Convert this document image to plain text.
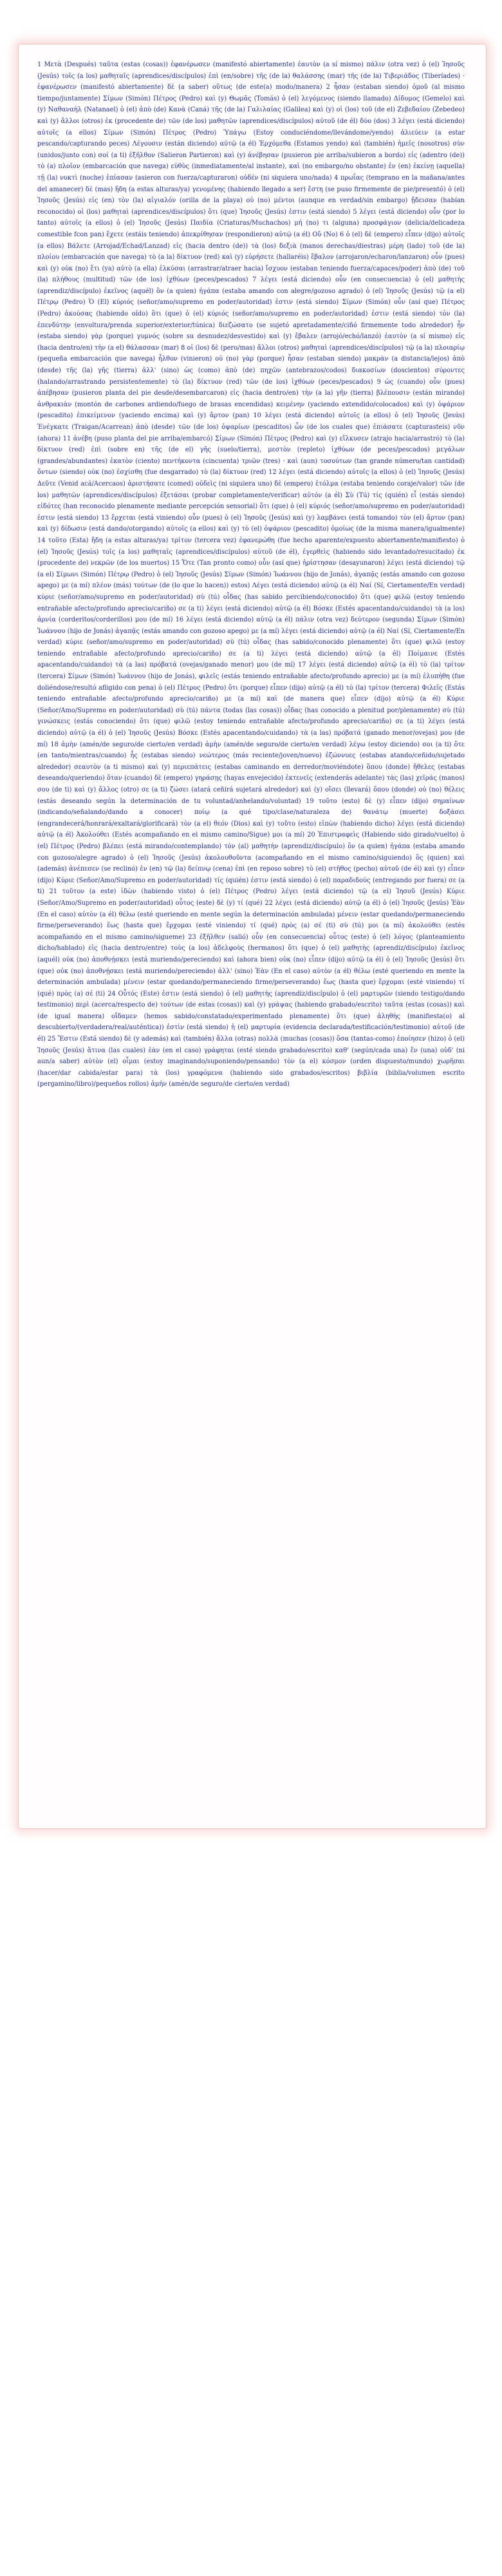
1 Μετὰ (Después) ταῦτα (estas (cosas)) ἐφανέρωσεν (manifestó abiertamente) ἑαυτὸν (a sí mismo) πάλιν (otra vez) ὁ (el) Ἰησοῦς (Jesús) τοῖς (a los) μαθηταῖς (aprendices/discípulos) ἐπὶ (en/sobre) τῆς (de la) θαλάσσης (mar) τῆς (de la) Τιβεριάδος (Tiberíades) · ἐφανέρωσεν (manifestó abiertamente) δὲ (a saber) οὕτως (de este(a) modo/manera) 2 ἦσαν (estaban siendo) ὁμοῦ (al mismo tiempo/juntamente) Σίμων (Simón) Πέτρος (Pedro) καὶ (y) Θωμᾶς (Tomás) ὁ (el) λεγόμενος (siendo llamado) Δίδυμος (Gemelo) καὶ (y) Ναθαναὴλ (Natanael) ὁ (el) ἀπὸ (de) Κανὰ (Caná) τῆς (de la) Γαλιλαίας (Galilea) καὶ (y) οἱ (los) τοῦ (de el) Ζεβεδαίου (Zebedeo) καὶ (y) ἄλλοι (otros) ἐκ (procedente de) τῶν (de los) μαθητῶν (aprendices/discípulos) αὐτοῦ (de él) δύο (dos) 3 λέγει (está diciendo) αὐτοῖς (a ellos) Σίμων (Simón) Πέτρος (Pedro) Ὑπάγω (Estoy conduciéndome/llevándome/yendo) ἁλιεύειν (a estar pescando/capturando peces) Λέγουσιν (están diciendo) αὐτῷ (a él) Ἐρχόμεθα (Estamos yendo) καὶ (también) ἡμεῖς (nosotros) σὺν (unidos/junto con) σοί (a ti) ἐξῆλθον (Salieron Partieron) καὶ (y) ἀνέβησαν (pusieron pie arriba/subieron a bordo) εἰς (adentro (de)) τὸ (a) πλοῖον (embarcación que navega) εὐθὺς (inmediatamente/al instante), καὶ (no embargo/no obstante) ἐν (en) ἐκείνῃ (aquella) τῇ (la) νυκτὶ (noche) ἐπίασαν (asieron con fuerza/capturaron) οὐδέν (ni siquiera uno/nada) 4 πρωΐας (temprano en la mañana/antes del amanecer) δὲ (mas) ἤδη (a estas alturas/ya) γενομένης (habiendo llegado a ser) ἔστη (se puso firmemente de pie/presentó) ὁ (el) Ἰησοῦς (Jesús) εἰς (en) τὸν (la) αἰγιαλόν (orilla de la playa) οὐ (no) μέντοι (aunque en verdad/sin embargo) ᾔδεισαν (habían reconocido) οἱ (los) μαθηταὶ (aprendices/discípulos) ὅτι (que) Ἰησοῦς (Jesús) ἐστιν (está siendo) 5 λέγει (está diciendo) οὖν (por lo tanto) αὐτοῖς (a ellos) ὁ (el) Ἰησοῦς (Jesús) Παιδία (Criaturas/Muchachos) μή (no) τι (alguna) προσφάγιον (delicia/delicadeza comestible fcon pan) ἔχετε (estáis teniendo) ἀπεκρίθησαν (respondieron) αὐτῷ (a él) Οὔ (No) 6 ὁ (el) δὲ (empero) εἶπεν (dijo) αὐτοῖς (a ellos) Βάλετε (Arrojad/Echad/Lanzad) εἰς (hacia dentro (de)) τὰ (los) δεξιὰ (manos derechas/diestras) μέρη (lado) τοῦ (de la) πλοίου (embarcación que navega) τὸ (a la) δίκτυον (red) καὶ (y) εὑρήσετε (hallaréis) ἔβαλον (arrojaron/echaron/lanzaron) οὖν (pues) καὶ (y) οὐκ (no) ἔτι (ya) αὐτὸ (a ella) ἑλκύσαι (arrastrar/atraer hacia) ἴσχυον (estaban teniendo fuerza/capaces/poder) ἀπὸ (de) τοῦ (la) πλήθους (multitud) τῶν (de los) ἰχθύων (peces/pescados) 7 λέγει (está diciendo) οὖν (en consecuencia) ὁ (el) μαθητὴς (aprendiz/discípulo) ἐκεῖνος (aquél) ὃν (a quien) ἠγάπα (estaba amando con alegre/gozoso agrado) ὁ (el) Ἰησοῦς (Jesús) τῷ (a el) Πέτρῳ (Pedro) Ὁ (El) κύριός (señor/amo/supremo en poder/autoridad) ἐστιν (está siendo) Σίμων (Simón) οὖν (así que) Πέτρος (Pedro) ἀκούσας (habiendo oído) ὅτι (que) ὁ (el) κύριός (señor/amo/supremo en poder/autoridad) ἐστιν (está siendo) τὸν (la) ἐπενδύτην (envoltura/prenda superior/exterior/túnica) διεζώσατο (se sujetó apretadamente/ciñó firmemente todo alrededor) ἦν (estaba siendo) γὰρ (porque) γυμνός (sobre su desnudez/desvestido) καὶ (y) ἔβαλεν (arrojó/echó/lanzó) ἑαυτὸν (a sí mismo) εἰς (hacia dentro/en) τὴν (a el) θάλασσαν (mar) 8 οἱ (los) δὲ (pero/mas) ἄλλοι (otros) μαθηταὶ (aprendices/discípulos) τῷ (a la) πλοιαρίῳ (pequeña embarcación que navega) ἦλθον (vinieron) οὐ (no) γὰρ (porque) ἦσαν (estaban siendo) μακρὰν (a distancia/lejos) ἀπὸ (desde) τῆς (la) γῆς (tierra) ἀλλ' (sino) ὡς (como) ἀπὸ (de) πηχῶν (antebrazos/codos) διακοσίων (doscientos) σύροντες (halando/arrastrando persistentemente) τὸ (la) δίκτυον (red) τῶν (de los) ἰχθύων (peces/pescados) 9 ὡς (cuando) οὖν (pues) ἀπέβησαν (pusieron planta del pie desde/desembarcaron) εἰς (hacia dentro/en) τὴν (a la) γῆν (tierra) βλέπουσιν (están mirando) ἀνθρακιὰν (montón de carbones ardiendo/fuego de brasas encendidas) κειμένην (yaciendo extendido/colocados) καὶ (y) ὀψάριον (pescadito) ἐπικείμενον (yaciendo encima) καὶ (y) ἄρτον (pan) 10 λέγει (está diciendo) αὐτοῖς (a ellos) ὁ (el) Ἰησοῦς (Jesús) Ἐνέγκατε (Traigan/Acarrean) ἀπὸ (desde) τῶν (de los) ὀψαρίων (pescaditos) ὧν (de los cuales que) ἐπιάσατε (capturasteis) νῦν (ahora) 11 ἀνέβη (puso planta del pie arriba/embarcó) Σίμων (Simón) Πέτρος (Pedro) καὶ (y) εἵλκυσεν (atrajo hacia/arrastró) τὸ (la) δίκτυον (red) ἐπὶ (sobre en) τῆς (de el) γῆς (suelo/tierra), μεστὸν (repleto) ἰχθύων (de peces/pescados) μεγάλων (grandes/abundantes) ἑκατὸν (ciento) πεντήκοντα (cincuenta) τριῶν (tres) · καὶ (aun) τοσούτων (tan grande número/tan cantidad) ὄντων (siendo) οὐκ (no) ἐσχίσθη (fue desgarrado) τὸ (la) δίκτυον (red) 12 λέγει (está diciendo) αὐτοῖς (a ellos) ὁ (el) Ἰησοῦς (Jesús) Δεῦτε (Venid acá/Acercaos) ἀριστήσατε (comed) οὐδεὶς (ni siquiera uno) δὲ (empero) ἐτόλμα (estaba teniendo coraje/valor) τῶν (de los) μαθητῶν (aprendices/discípulos) ἐξετάσαι (probar completamente/verificar) αὐτόν (a él) Σὺ (Tú) τίς (quién) εἶ (estás siendo) εἰδότες (han reconocido plenamente mediante percepción sensorial) ὅτι (que) ὁ (el) κύριός (señor/amo/supremo en poder/autoridad) ἐστιν (está siendo) 13 ἔρχεται (está viniendo) οὖν (pues) ὁ (el) Ἰησοῦς (Jesús) καὶ (y) λαμβάνει (está tomando) τὸν (el) ἄρτον (pan) καὶ (y) δίδωσιν (está dando/otorgando) αὐτοῖς (a ellos) καὶ (y) τὸ (el) ὀψάριον (pescadito) ὁμοίως (de la misma manera/igualmente) 14 τοῦτο (Esta) ἤδη (a estas alturas/ya) τρίτον (tercera vez) ἐφανερώθη (fue hecho aparente/expuesto abiertamente/manifiesto) ὁ (el) Ἰησοῦς (Jesús) τοῖς (a los) μαθηταῖς (aprendices/discípulos) αὐτοῦ (de él), ἐγερθεὶς (habiendo sido levantado/resucitado) ἐκ (procedente de) νεκρῶν (de los muertos) 15 Ὅτε (Tan pronto como) οὖν (así que) ἠρίστησαν (desayunaron) λέγει (está diciendo) τῷ (a el) Σίμωνι (Simón) Πέτρῳ (Pedro) ὁ (el) Ἰησοῦς (Jesús) Σίμων (Simón) Ἰωάννου (hijo de Jonás), ἀγαπᾷς (estás amando con gozoso apego) με (a mí) πλέον (más) τούτων (de (lo que lo hacen)) estos) Λέγει (está diciendo) αὐτῷ (a él) Ναί (Sí, Ciertamente/En verdad) κύριε (señor/amo/supremo en poder/autoridad) σὺ (tú) οἶδας (has sabido percibiendo/conocido) ὅτι (que) φιλῶ (estoy teniendo entrañable afecto/profundo aprecio/cariño) σε (a ti) λέγει (está diciendo) αὐτῷ (a él) Βόσκε (Estés apacentando/cuidando) τὰ (a los) ἀρνία (corderitos/corderillos) μου (de mí) 16 λέγει (está diciendo) αὐτῷ (a él) πάλιν (otra vez) δεύτερον (segunda) Σίμων (Simón) Ἰωάννου (hijo de Jonás) ἀγαπᾷς (estás amando con gozoso apego) με (a mí) λέγει (está diciendo) αὐτῷ (a él) Ναί (Sí, Ciertamente/En verdad) κύριε (señor/amo/supremo en poder/autoridad) σὺ (tú) οἶδας (has sabido/conocido plenamente) ὅτι (que) φιλῶ (estoy teniendo entrañable afecto/profundo aprecio/cariño) σε (a ti) λέγει (está diciendo) αὐτῷ (a él) Ποίμαινε (Estés apacentando/cuidando) τὰ (a las) πρόβατά (ovejas/ganado menor) μου (de mí) 17 λέγει (está diciendo) αὐτῷ (a él) τὸ (la) τρίτον (tercera) Σίμων (Simón) Ἰωάννου (hijo de Jonás), φιλεῖς (estás teniendo entrañable afecto/profundo aprecio) με (a mí) ἐλυπήθη (fue doliéndose/resultó afligido con pena) ὁ (el) Πέτρος (Pedro) ὅτι (porque) εἶπεν (dijo) αὐτῷ (a él) τὸ (la) τρίτον (tercera) Φιλεῖς (Estás teniendo entrañable afecto/profundo aprecio/cariño) με (a mí) καὶ (de manera que) εἶπεν (dijo) αὐτῷ (a él) Κύριε (Señor/Amo/Supremo en poder/autoridad) σὺ (tú) πάντα (todas (las cosas)) οἶδας (has conocido a plenitud por/plenamente) σὺ (tú) γινώσκεις (estás conociendo) ὅτι (que) φιλῶ (estoy teniendo entrañable afecto/profundo aprecio/cariño) σε (a ti) λέγει (está diciendo) αὐτῷ (a él) ὁ (el) Ἰησοῦς (Jesús) Βόσκε (Estés apacentando/cuidando) τὰ (a las) πρόβατά (ganado menor/ovejas) μου (de mí) 18 ἀμὴν (amén/de seguro/de cierto/en verdad) ἀμὴν (amén/de seguro/de cierto/en verdad) λέγω (estoy diciendo) σοι (a ti) ὅτε (en tanto/mientras/cuando) ἦς (estabas siendo) νεώτερος (más reciente/joven/nuevo) ἐζώννυες (estabas atando/ceñido/sujetado alrededor) σεαυτὸν (a ti mismo) καὶ (y) περιεπάτεις (estabas caminando en derredor/moviéndote) ὅπου (donde) ἤθελες (estabas deseando/queriendo) ὅταν (cuando) δὲ (empero) γηράσῃς (hayas envejecido) ἐκτενεῖς (extenderás adelante) τὰς (las) χεῖράς (manos) σου (de ti) καὶ (y) ἄλλος (otro) σε (a ti) ζώσει (atará ceñirá sujetará alrededor) καὶ (y) οἴσει (llevará) ὅπου (donde) οὐ (no) θέλεις (estás deseando según la determinación de tu voluntad/anhelando/voluntad) 19 τοῦτο (esto) δὲ (y) εἶπεν (dijo) σημαίνων (indicando/señalando/dando a conocer) ποίῳ (a qué tipo/clase/naturaleza de) θανάτῳ (muerte) δοξάσει (engrandecerá/honrará/exaltará/glorificará) τὸν (a el) θεόν (Dios) καὶ (y) τοῦτο (esto) εἰπὼν (habiendo dicho) λέγει (está diciendo) αὐτῷ (a él) Ἀκολούθει (Estés acompañando en el mismo camino/Sigue) μοι (a mí) 20 Ἐπιστραφεὶς (Habiendo sido girado/vuelto) ὁ (el) Πέτρος (Pedro) βλέπει (está mirando/contemplando) τὸν (al) μαθητὴν (aprendiz/discípulo) ὃν (a quien) ἠγάπα (estaba amando con gozoso/alegre agrado) ὁ (el) Ἰησοῦς (Jesús) ἀκολουθοῦντα (acompañando en el mismo camino/siguiendo) ὃς (quien) καὶ (además) ἀνέπεσεν (se reclinó) ἐν (en) τῷ (la) δείπνῳ (cena) ἐπὶ (en reposo sobre) τὸ (el) στῆθος (pecho) αὐτοῦ (de él) καὶ (y) εἶπεν (dijo) Κύριε (Señor/Amo/Supremo en poder/autoridad) τίς (quién) ἐστιν (está siendo) ὁ (el) παραδιδούς (entregando por fuera) σε (a ti) 21 τοῦτον (a este) ἰδὼν (habiendo visto) ὁ (el) Πέτρος (Pedro) λέγει (está diciendo) τῷ (a el) Ἰησοῦ (Jesús) Κύριε (Señor/Amo/Supremo en poder/autoridad) οὗτος (este) δὲ (y) τί (qué) 22 λέγει (está diciendo) αὐτῷ (a él) ὁ (el) Ἰησοῦς (Jesús) Ἐὰν (En el caso) αὐτὸν (a él) θέλω (esté queriendo en mente según la determinación ambulada) μένειν (estar quedando/permaneciendo firme/perseverando) ἕως (hasta que) ἔρχομαι (esté viniendo) τί (qué) πρὸς (a) σέ (ti) σὺ (tú) μοι (a mí) ἀκολούθει (estés acompañando en el mismo camino/sigueme) 23 ἐξῆλθεν (salió) οὖν (en consecuencia) οὗτος (este) ὁ (el) λόγος (planteamiento dicho/hablado) εἰς (hacia dentro/entre) τοὺς (a los) ἀδελφοὺς (hermanos) ὅτι (que) ὁ (el) μαθητὴς (aprendiz/discípulo) ἐκεῖνος (aquél) οὐκ (no) ἀποθνῄσκει (está muriendo/pereciendo) καὶ (ahora bien) οὐκ (no) εἶπεν (dijo) αὐτῷ (a él) ὁ (el) Ἰησοῦς (Jesús) ὅτι (que) οὐκ (no) ἀποθνῄσκει (está muriendo/pereciendo) ἀλλ' (sino) Ἐὰν (En el caso) αὐτὸν (a él) θέλω (esté queriendo en mente la determinación ambulada) μένειν (estar quedando/permaneciendo firme/perseverando) ἕως (hasta que) ἔρχομαι (esté viniendo) τί (qué) πρὸς (a) σέ (ti) 24 Οὗτός (Este) ἐστιν (está siendo) ὁ (el) μαθητὴς (aprendiz/discípulo) ὁ (el) μαρτυρῶν (siendo testigo/dando testimonio) περὶ (acerca/respecto de) τούτων (de estas (cosas)) καὶ (y) γράψας (habiendo grabado/escrito) ταῦτα (estas (cosas)) καὶ (de igual manera) οἴδαμεν (hemos sabido/constatado/experimentado plenamente) ὅτι (que) ἀληθὴς (manifiesta(o) al descubierto/(verdadera/real/auténtica)) ἐστὶν (está siendo) ἡ (el) μαρτυρία (evidencia declarada/testificación/testimonio) αὐτοῦ (de él) 25 Ἔστιν (Está siendo) δὲ (y además) καὶ (también) ἄλλα (otras) πολλὰ (muchas (cosas)) ὅσα (tantas-como) ἐποίησεν (hizo) ὁ (el) Ἰησοῦς (Jesús) ἅτινα (las cuales) ἐὰν (en el caso) γράφηται (esté siendo grabado/escrito) καθ' (según/cada una) ἕν (una) οὐδ' (ni aun/a saber) αὐτὸν (el) οἶμαι (estoy imaginando/suponiendo/pensando) τὸν (a el) κόσμον (orden dispuesto/mundo) χωρῆσαι (hacer/dar cabida/estar para) τὰ (los) γραφόμενα (habiendo sido grabados/escritos) βιβλία (biblia/volumen escrito (pergamino/libro)/pequeños rollos) ἀμήν (amén/de seguro/de cierto/en verdad)
